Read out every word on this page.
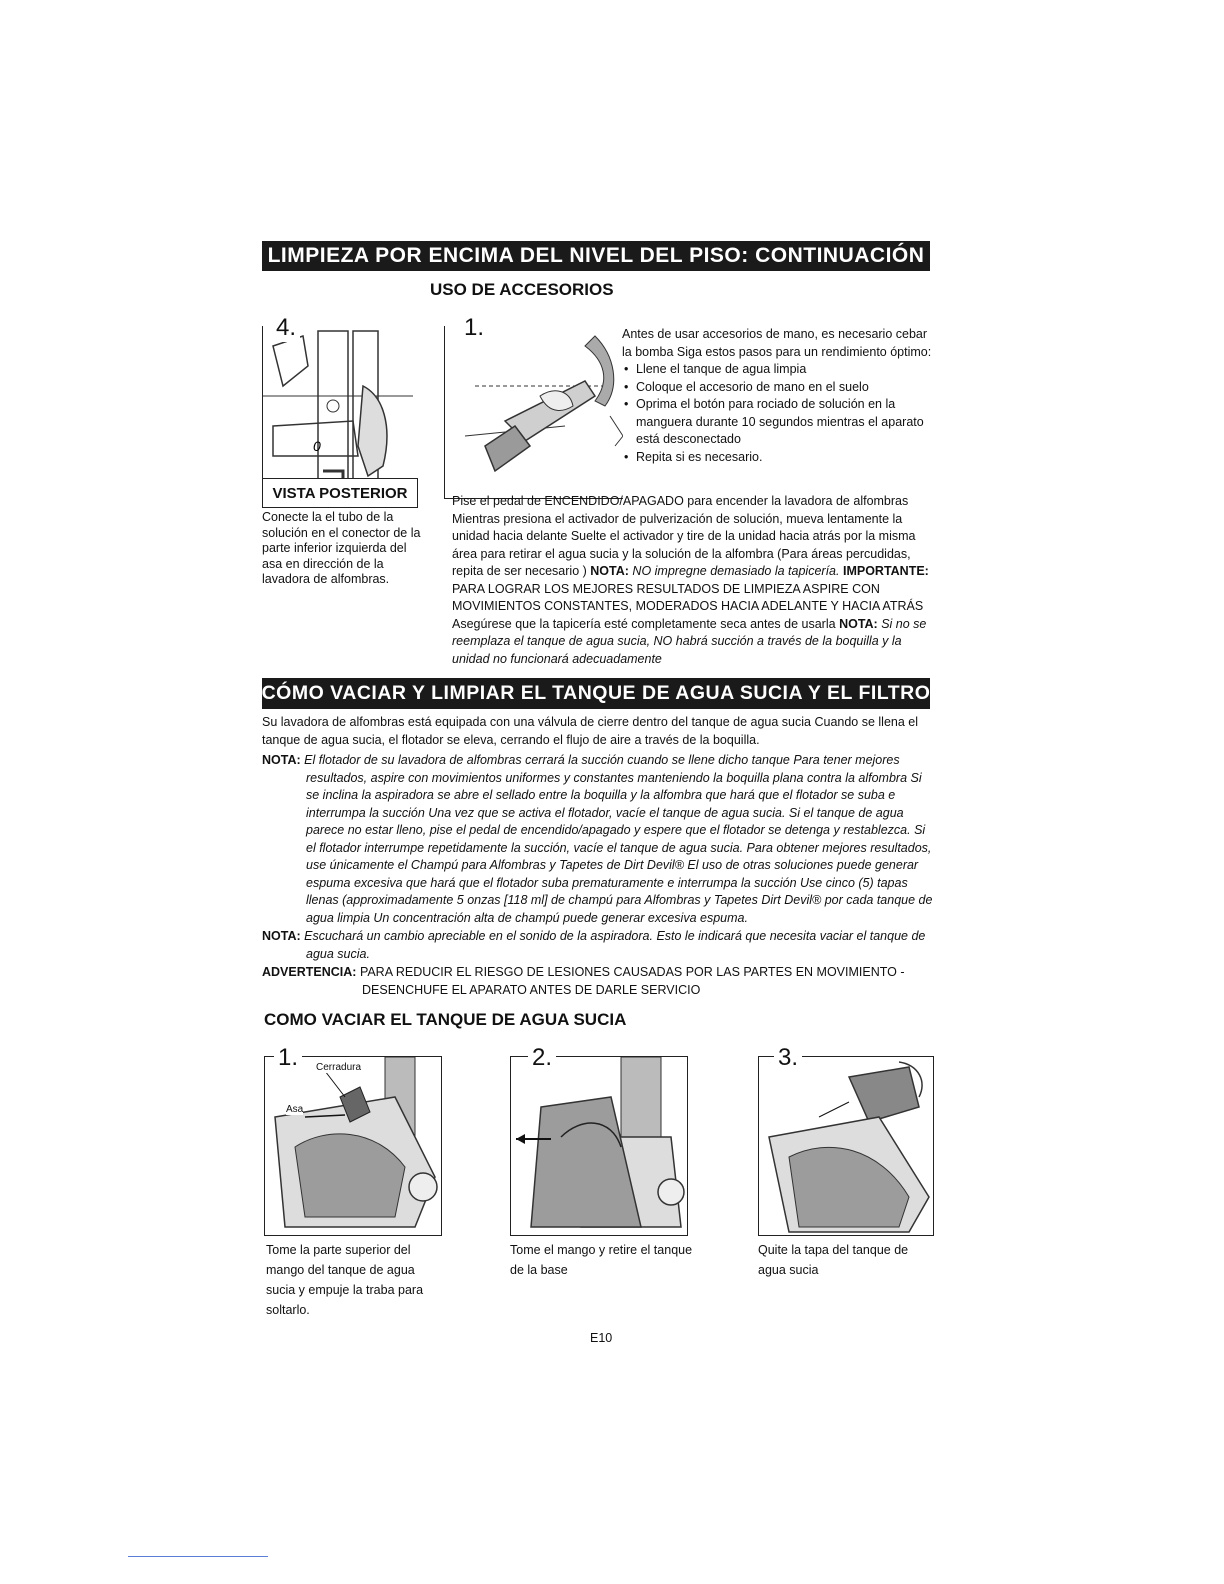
LIMPIEZA POR ENCIMA DEL NIVEL DEL PISO: CONTINUACIÓN
USO DE ACCESORIOS
0
4.
VISTA POSTERIOR
Conecte la el tubo de la solución en el conector de la parte inferior izquierda del asa en dirección de la lavadora de alfombras.
1.	Antes de usar accesorios de mano, es necesario cebar la bomba Siga estos pasos para un rendimiento óptimo:

• Llene el tanque de agua limpia
• Coloque el accesorio de mano en el suelo
• Oprima el botón para rociado de solución en la manguera durante 10 segundos mientras el aparato está desconectado
• Repita si es necesario.
Pise el pedal de ENCENDIDO/APAGADO para encender la lavadora de alfombras Mientras presiona el activador de pulverización de solución, mueva lentamente la unidad hacia delante Suelte el activador y tire de la unidad hacia atrás por la misma área para retirar el agua sucia y la solución de la alfombra (Para áreas percudidas, repita de ser necesario ) NOTA: NO impregne demasiado la tapicería. IMPORTANTE: PARA LOGRAR LOS MEJORES RESULTADOS DE LIMPIEZA ASPIRE CON MOVIMIENTOS CONSTANTES, MODERADOS HACIA ADELANTE Y HACIA ATRÁS Asegúrese que la tapicería esté completamente seca antes de usarla NOTA: Si no se reemplaza el tanque de agua sucia, NO habrá succión a través de la boquilla y la unidad no funcionará adecuadamente
CÓMO VACIAR Y LIMPIAR EL TANQUE DE AGUA SUCIA Y EL FILTRO
Su lavadora de alfombras está equipada con una válvula de cierre dentro del tanque de agua sucia Cuando se llena el tanque de agua sucia, el flotador se eleva, cerrando el flujo de aire a través de la boquilla.
NOTA: El flotador de su lavadora de alfombras cerrará la succión cuando se llene dicho tanque Para tener mejores resultados, aspire con movimientos uniformes y constantes manteniendo la boquilla plana contra la alfombra Si se inclina la aspiradora se abre el sellado entre la boquilla y la alfombra que hará que el flotador se suba e interrumpa la succión Una vez que se activa el flotador, vacíe el tanque de agua sucia. Si el tanque de agua parece no estar lleno, pise el pedal de encendido/apagado y espere que el flotador se detenga y restablezca. Si el flotador interrumpe repetidamente la succión, vacíe el tanque de agua sucia. Para obtener mejores resultados, use únicamente el Champú para Alfombras y Tapetes de Dirt Devil® El uso de otras soluciones puede generar espuma excesiva que hará que el flotador suba prematuramente e interrumpa la succión Use cinco (5) tapas llenas (approximadamente 5 onzas [118 ml] de champú para Alfombras y Tapetes Dirt Devil® por cada tanque de agua limpia Un concentración alta de champú puede generar excesiva espuma.
NOTA: Escuchará un cambio apreciable en el sonido de la aspiradora. Esto le indicará que necesita vaciar el tanque de agua sucia.
ADVERTENCIA: PARA REDUCIR EL RIESGO DE LESIONES CAUSADAS POR LAS PARTES EN MOVIMIENTO - DESENCHUFE EL APARATO ANTES DE DARLE SERVICIO
COMO VACIAR EL TANQUE DE AGUA SUCIA
1.	Cerradura
Asa
Tome la parte superior del mango del tanque de agua sucia y empuje la traba para soltarlo.
2.
Tome el mango y retire el tanque de la base
3.
Quite la tapa del tanque de agua sucia
E10
